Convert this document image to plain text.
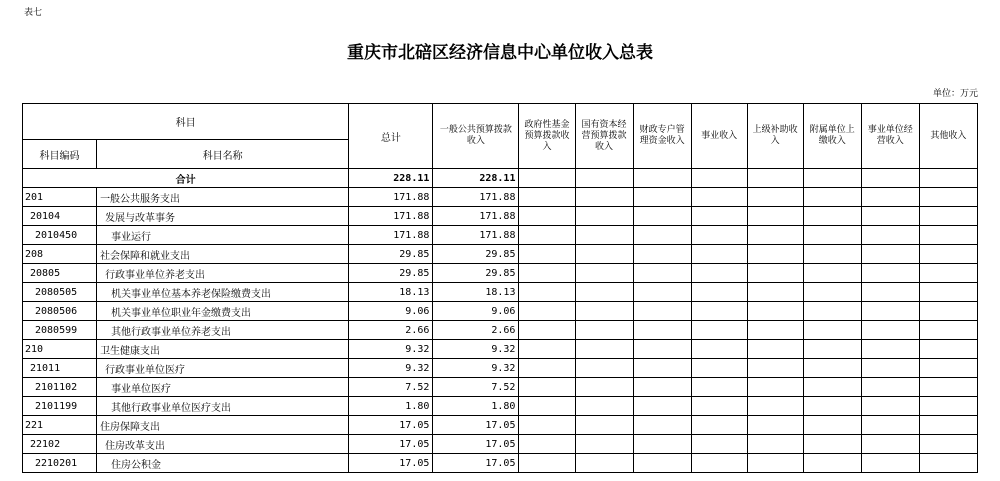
表七
重庆市北碚区经济信息中心单位收入总表
单位：万元
科目		总计	一般公共预算拨款收入	政府性基金预算拨款收入	国有资本经营预算拨款收入	财政专户管理资金收入	事业收入	上级补助收入	附属单位上缴收入	事业单位经营收入	其他收入
科目编码	科目名称										
合计		228.11	228.11								
201	一般公共服务支出	171.88	171.88								
20104	发展与改革事务	171.88	171.88								
2010450	事业运行	171.88	171.88								
208	社会保障和就业支出	29.85	29.85								
20805	行政事业单位养老支出	29.85	29.85								
2080505	机关事业单位基本养老保险缴费支出	18.13	18.13								
2080506	机关事业单位职业年金缴费支出	9.06	9.06								
2080599	其他行政事业单位养老支出	2.66	2.66								
210	卫生健康支出	9.32	9.32								
21011	行政事业单位医疗	9.32	9.32								
2101102	事业单位医疗	7.52	7.52								
2101199	其他行政事业单位医疗支出	1.80	1.80								
221	住房保障支出	17.05	17.05								
22102	住房改革支出	17.05	17.05								
2210201	住房公积金	17.05	17.05								
